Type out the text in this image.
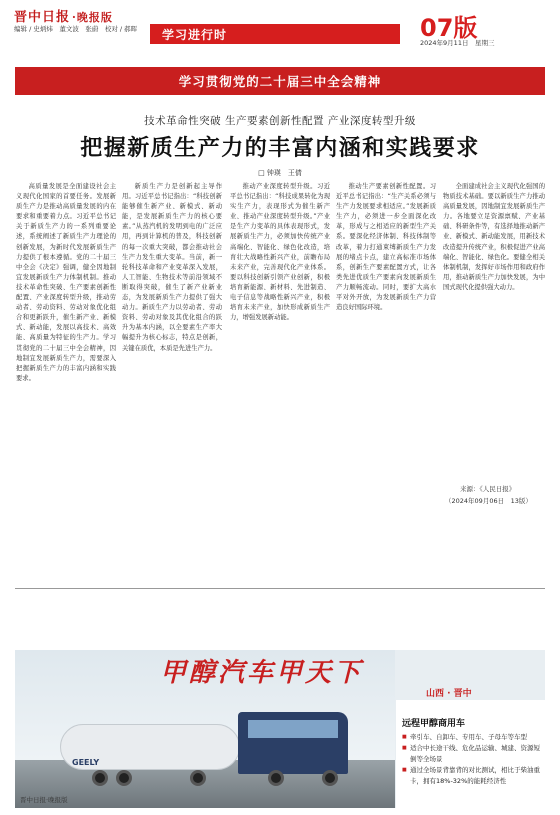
晋中日报 ·晚报版
编辑 / 史炳炜　董文波　张蔚　校对 / 郝晖 学习进行时	07版
2024年9月11日　星期三
学习贯彻党的二十届三中全会精神
技术革命性突破 生产要素创新性配置 产业深度转型升级
把握新质生产力的丰富内涵和实践要求
□ 钟瑛　王倩

高质量发展是全面建设社会主义现代化国家的首要任务。发展新质生产力是推动高质量发展的内在要求和重要着力点。习近平总书记关于新质生产力的一系列重要论述，系统阐述了新质生产力理论的创新发展，为新时代发展新质生产力提供了根本遵循。党的二十届三中全会《决定》强调，健全因地制宜发展新质生产力体制机制。推动技术革命性突破、生产要素创新性配置、产业深度转型升级，推动劳动者、劳动资料、劳动对象优化组合和更新跃升，催生新产业、新模式、新动能，发展以高技术、高效能、高质量为特征的生产力。学习贯彻党的二十届三中全会精神，因地制宜发展新质生产力，需要深入把握新质生产力的丰富内涵和实践要求。

新质生产力是创新起主导作用。习近平总书记指出：“科技创新能够催生新产业、新模式、新动能，是发展新质生产力的核心要素。”从蒸汽机的发明到电的广泛应用，再到计算机的普及，科技创新的每一次重大突破，都会推动社会生产力发生重大变革。当前，新一轮科技革命和产业变革深入发展，人工智能、生物技术等前沿领域不断取得突破，催生了新产业新业态，为发展新质生产力提供了强大动力。新质生产力以劳动者、劳动资料、劳动对象及其优化组合的跃升为基本内涵，以全要素生产率大幅提升为核心标志，特点是创新，关键在质优，本质是先进生产力。

推动产业深度转型升级。习近平总书记指出：“科技成果转化为现实生产力，表现形式为催生新产业、推动产业深度转型升级。”产业是生产力变革的具体表现形式，发展新质生产力，必须加快传统产业高端化、智能化、绿色化改造，培育壮大战略性新兴产业，前瞻布局未来产业，完善现代化产业体系。要以科技创新引领产业创新，积极培育新能源、新材料、先进制造、电子信息等战略性新兴产业，积极培育未来产业，加快形成新质生产力，增强发展新动能。

推动生产要素创新性配置。习近平总书记指出：“生产关系必须与生产力发展要求相适应。”发展新质生产力，必须进一步全面深化改革，形成与之相适应的新型生产关系。要深化经济体制、科技体制等改革，着力打通束缚新质生产力发展的堵点卡点，建立高标准市场体系，创新生产要素配置方式，让各类先进优质生产要素向发展新质生产力顺畅流动。同时，要扩大高水平对外开放，为发展新质生产力营造良好国际环境。

全面建成社会主义现代化强国的物质技术基础。要以新质生产力推动高质量发展，因地制宜发展新质生产力。各地要立足资源禀赋、产业基础、科研条件等，有选择地推动新产业、新模式、新动能发展，用新技术改造提升传统产业，积极促进产业高端化、智能化、绿色化。要健全相关体制机制，发挥好市场作用和政府作用，推动新质生产力加快发展，为中国式现代化提供强大动力。

来源：《人民日报》
（2024年09月06日　13版）
甲醇汽车甲天下
GEELY
山西 · 晋中
远程甲醇商用车
■ 牵引车、自卸车、专用车、子母车等车型
■ 适合中长途干线、危化品运输、城建、资源短倒等全场景
■ 通过全场景背靠背的对比测试，相比于柴油重卡，拥有18%-32%的能耗经济性
晋中日报·晚报版
